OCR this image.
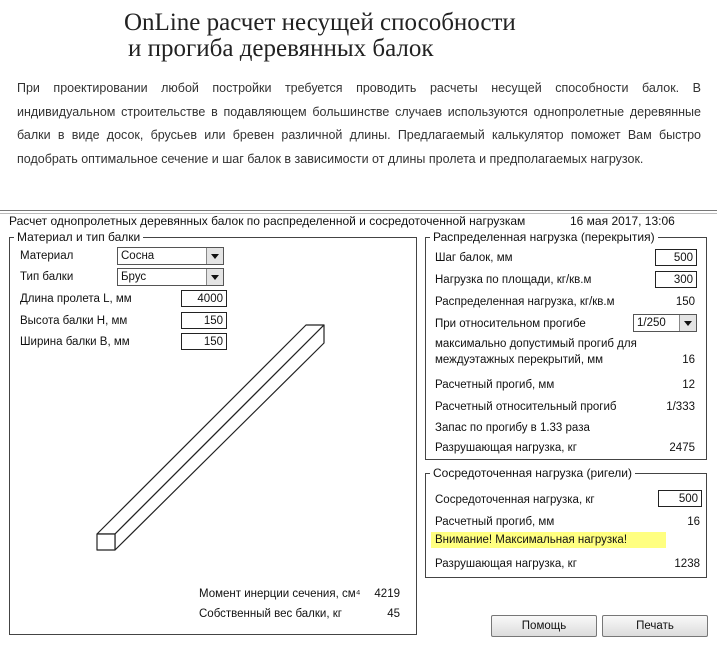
OnLine расчет несущей способности
и прогиба деревянных балок
При проектировании любой постройки требуется проводить расчеты несущей способности балок. В индивидуальном строительстве в подавляющем большинстве случаев используются однопролетные деревянные балки в виде досок, брусьев или бревен различной длины. Предлагаемый калькулятор поможет Вам быстро подобрать оптимальное сечение и шаг балок в зависимости от длины пролета и предполагаемых нагрузок.
Расчет однопролетных деревянных балок по распределенной и сосредоточенной нагрузкам	16 мая 2017, 13:06
Материал и тип балки
Материал	Сосна
Тип балки	Брус
Длина пролета L, мм	4000
Высота балки H, мм	150
Ширина балки B, мм	150
Момент инерции сечения, см⁴	4219
Собственный вес балки, кг	45
Распределенная нагрузка (перекрытия)
Шаг балок, мм	500
Нагрузка по площади, кг/кв.м	300
Распределенная нагрузка, кг/кв.м	150
При относительном прогибе	1/250
максимально допустимый прогиб для
междуэтажных перекрытий, мм	16
Расчетный прогиб, мм	12
Расчетный относительный прогиб	1/333
Запас по прогибу в 1.33 раза
Разрушающая нагрузка, кг	2475
Сосредоточенная нагрузка (ригели)
Сосредоточенная нагрузка, кг	500
Расчетный прогиб, мм	16
Внимание! Максимальная нагрузка!
Разрушающая нагрузка, кг	1238
Помощь	Печать
